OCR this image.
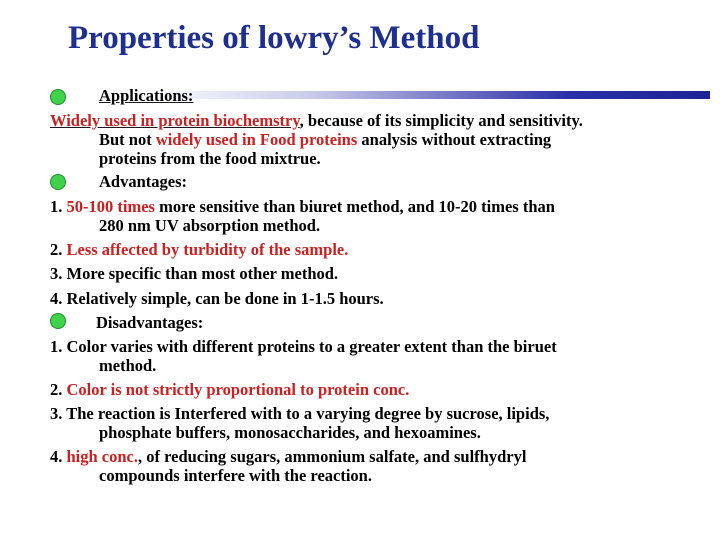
Properties of lowry’s Method
Applications:
Widely used in protein biochemstry, because of its simplicity and sensitivity.
But not widely used in Food proteins analysis without extracting
proteins from the food mixtrue.
Advantages:
1. 50-100 times more sensitive than biuret method, and 10-20 times than
280 nm UV absorption method.
2. Less affected by turbidity of the sample.
3. More specific than most other method.
4. Relatively simple, can be done in 1-1.5 hours.
Disadvantages:
1. Color varies with different proteins to a greater extent than the biruet
method.
2. Color is not strictly proportional to protein conc.
3. The reaction is Interfered with to a varying degree by sucrose, lipids,
phosphate buffers, monosaccharides, and hexoamines.
4. high conc., of reducing sugars, ammonium salfate, and sulfhydryl
compounds interfere with the reaction.
